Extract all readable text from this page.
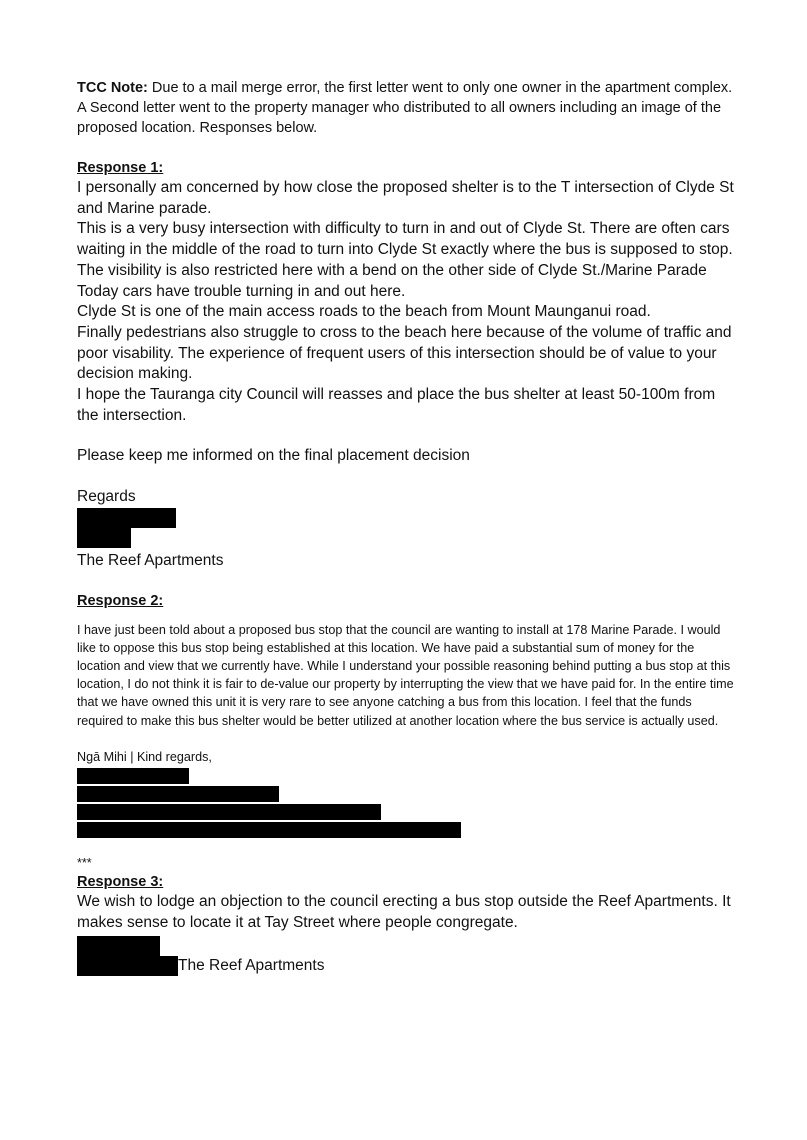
TCC Note: Due to a mail merge error, the first letter went to only one owner in the apartment complex. A Second letter went to the property manager who distributed to all owners including an image of the proposed location. Responses below.

Response 1:

I personally am concerned by how close the proposed shelter is to the T intersection of Clyde St and Marine parade.

This is a very busy intersection with difficulty to turn in and out of Clyde St. There are often cars waiting in the middle of the road to turn into Clyde St exactly where the bus is supposed to stop.

The visibility is also restricted here with a bend on the other side of Clyde St./Marine Parade

Today cars have trouble turning in and out here.

Clyde St is one of the main access roads to the beach from Mount Maunganui road.

Finally pedestrians also struggle to cross to the beach here because of the volume of traffic and poor visability. The experience of frequent users of this intersection should be of value to your decision making.

I hope the Tauranga city Council will reasses and place the bus shelter at least 50-100m from the intersection.

Please keep me informed on the final placement decision

Regards

The Reef Apartments

Response 2:

I have just been told about a proposed bus stop that the council are wanting to install at 178 Marine Parade. I would like to oppose this bus stop being established at this location. We have paid a substantial sum of money for the location and view that we currently have. While I understand your possible reasoning behind putting a bus stop at this location, I do not think it is fair to de-value our property by interrupting the view that we have paid for. In the entire time that we have owned this unit it is very rare to see anyone catching a bus from this location. I feel that the funds required to make this bus shelter would be better utilized at another location where the bus service is actually used.

Ngā Mihi | Kind regards,

***

Response 3:

We wish to lodge an objection to the council erecting a bus stop outside the Reef Apartments. It makes sense to locate it at Tay Street where people congregate.

The Reef Apartments
